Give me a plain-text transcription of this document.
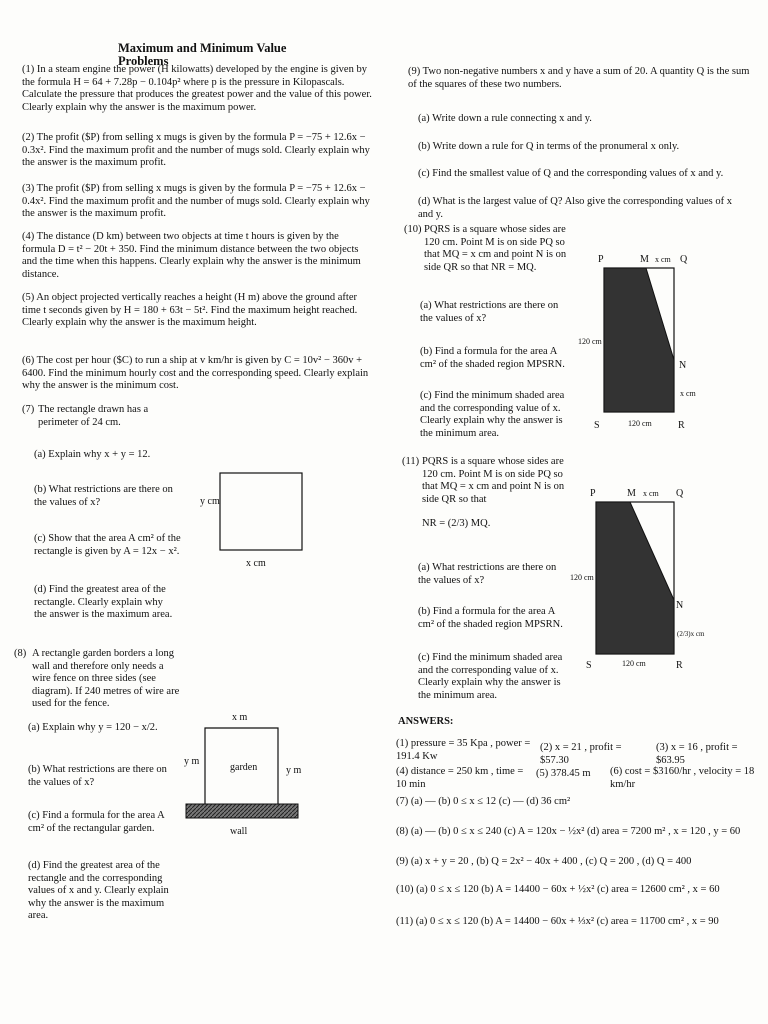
Maximum and Minimum Value Problems

(1) In a steam engine the power (H kilowatts) developed by the engine is given by the formula H = 64 + 7.28p − 0.104p² where p is the pressure in Kilopascals. Calculate the pressure that produces the greatest power and the value of this power. Clearly explain why the answer is the maximum power.

(2) The profit ($P) from selling x mugs is given by the formula P = −75 + 12.6x − 0.3x². Find the maximum profit and the number of mugs sold. Clearly explain why the answer is the maximum profit.

(3) The profit ($P) from selling x mugs is given by the formula P = −75 + 12.6x − 0.4x². Find the maximum profit and the number of mugs sold. Clearly explain why the answer is the maximum profit.

(4) The distance (D km) between two objects at time t hours is given by the formula D = t² − 20t + 350. Find the minimum distance between the two objects and the time when this happens. Clearly explain why the answer is the minimum distance.

(5) An object projected vertically reaches a height (H m) above the ground after time t seconds given by H = 180 + 63t − 5t². Find the maximum height reached. Clearly explain why the answer is the maximum height.

(6) The cost per hour ($C) to run a ship at v km/hr is given by C = 10v² − 360v + 6400. Find the minimum hourly cost and the corresponding speed. Clearly explain why the answer is the minimum cost.

(7) The rectangle drawn has a perimeter of 24 cm.

(a) Explain why x + y = 12.

(b) What restrictions are there on the values of x?

(c) Show that the area A cm² of the rectangle is given by A = 12x − x².

(d) Find the greatest area of the rectangle. Clearly explain why the answer is the maximum area.

(8) A rectangle garden borders a long wall and therefore only needs a wire fence on three sides (see diagram). If 240 metres of wire are used for the fence.

(a) Explain why y = 120 − x/2.

(b) What restrictions are there on the values of x?

(c) Find a formula for the area A cm² of the rectangular garden.

(d) Find the greatest area of the rectangle and the corresponding values of x and y. Clearly explain why the answer is the maximum area.

(9) Two non-negative numbers x and y have a sum of 20. A quantity Q is the sum of the squares of these two numbers.

(a) Write down a rule connecting x and y.

(b) Write down a rule for Q in terms of the pronumeral x only.

(c) Find the smallest value of Q and the corresponding values of x and y.

(d) What is the largest value of Q? Also give the corresponding values of x and y.

(10) PQRS is a square whose sides are 120 cm. Point M is on side PQ so that MQ = x cm and point N is on side QR so that NR = MQ.

(a) What restrictions are there on the values of x?

(b) Find a formula for the area A cm² of the shaded region MPSRN.

(c) Find the minimum shaded area and the corresponding value of x. Clearly explain why the answer is the minimum area.

(11) PQRS is a square whose sides are 120 cm. Point M is on side PQ so that MQ = x cm and point N is on side QR so that

NR = (2/3) MQ.

(a) What restrictions are there on the values of x?

(b) Find a formula for the area A cm² of the shaded region MPSRN.

(c) Find the minimum shaded area and the corresponding value of x. Clearly explain why the answer is the minimum area.

ANSWERS:

(1) pressure = 35 Kpa , power = 191.4 Kw

(2) x = 21 , profit = $57.30

(3) x = 16 , profit = $63.95

(4) distance = 250 km , time = 10 min

(5) 378.45 m	(6) cost = $3160/hr , velocity = 18 km/hr

(7) (a) — (b) 0 ≤ x ≤ 12 (c) — (d) 36 cm²

(8) (a) — (b) 0 ≤ x ≤ 240 (c) A = 120x − ½x² (d) area = 7200 m² , x = 120 , y = 60

(9) (a) x + y = 20 , (b) Q = 2x² − 40x + 400 , (c) Q = 200 , (d) Q = 400

(10) (a) 0 ≤ x ≤ 120 (b) A = 14400 − 60x + ½x² (c) area = 12600 cm² , x = 60

(11) (a) 0 ≤ x ≤ 120 (b) A = 14400 − 60x + ⅓x² (c) area = 11700 cm² , x = 90

y cm
x cm
x m
y m
y m
garden
wall
P	M x cm Q
120 cm
N
x cm
S	120 cm	R
P	M x cm Q
120 cm
N
(2/3)x cm
S	120 cm	R
